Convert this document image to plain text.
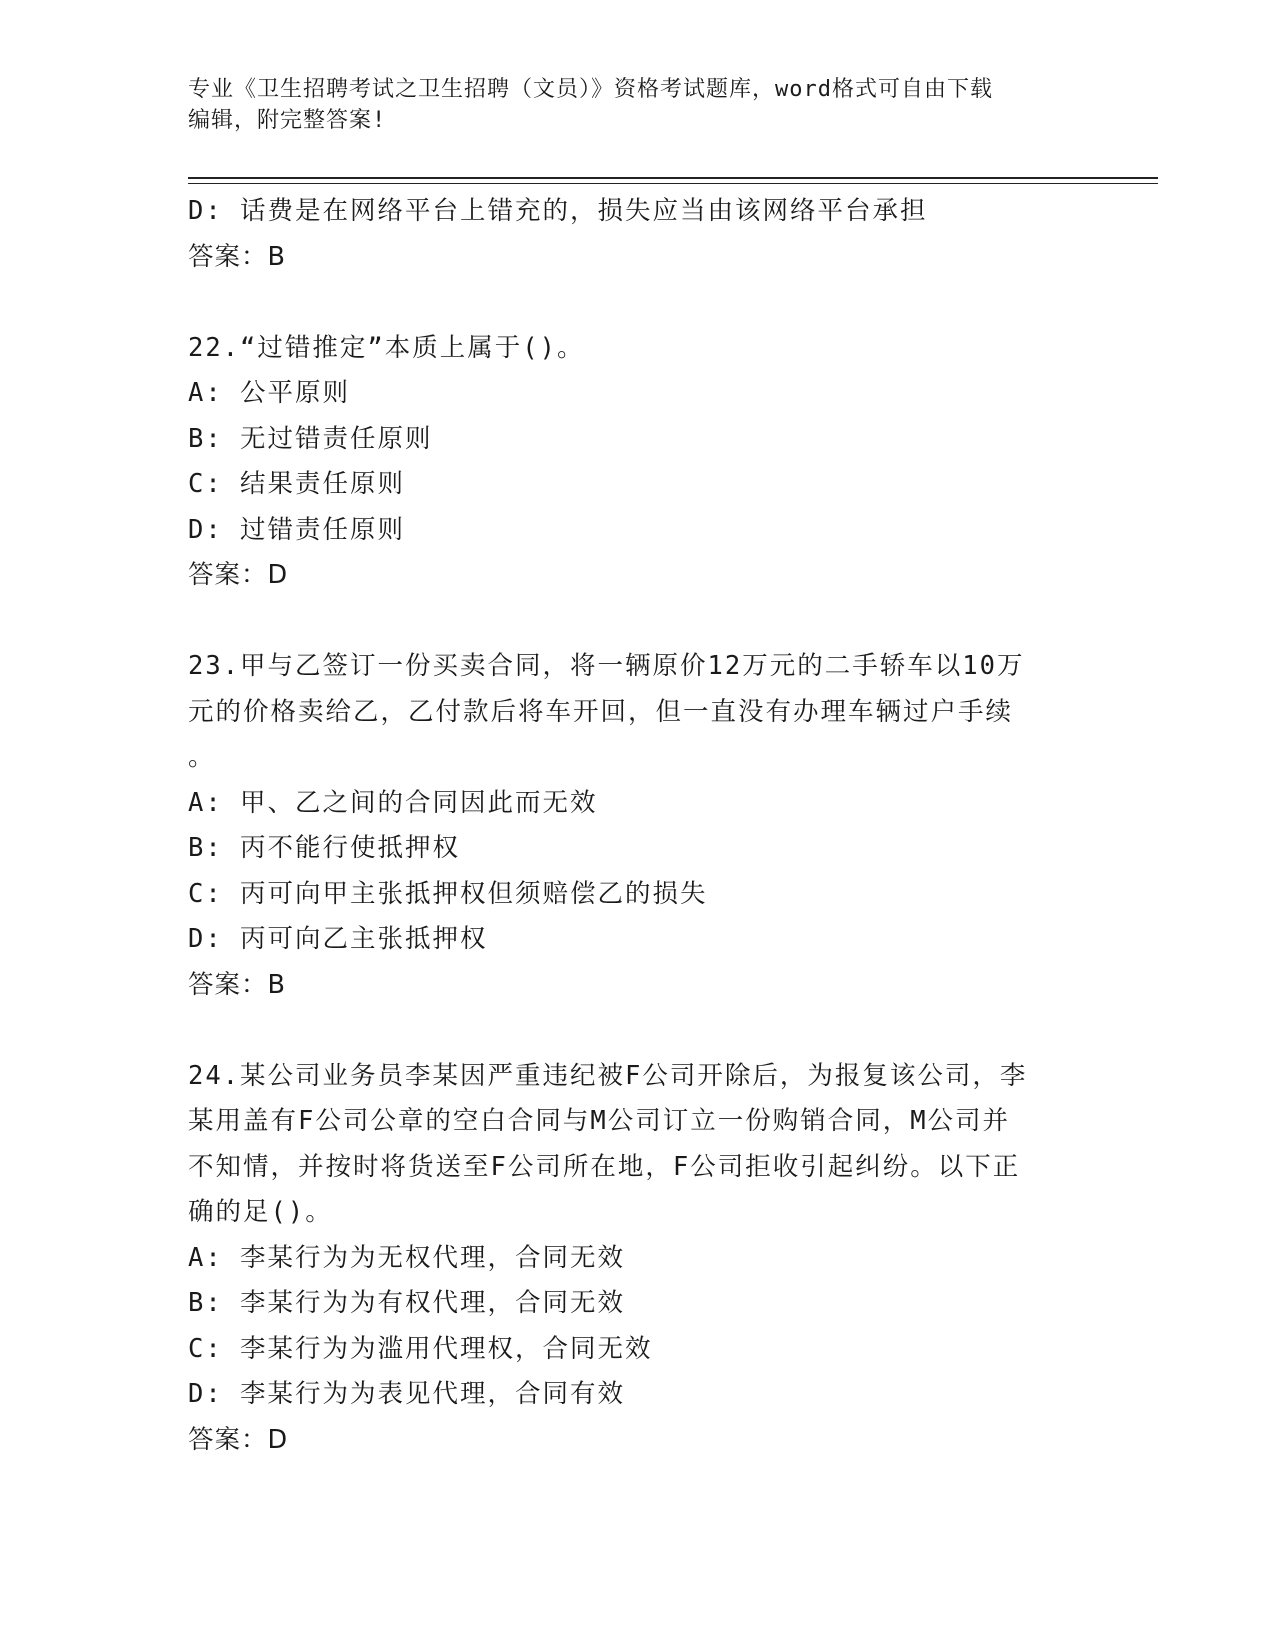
专业《卫生招聘考试之卫生招聘（文员）》资格考试题库，word格式可自由下载
编辑，附完整答案!
D: 话费是在网络平台上错充的，损失应当由该网络平台承担
答案：B
22.“过错推定”本质上属于()。
A: 公平原则
B: 无过错责任原则
C: 结果责任原则
D: 过错责任原则
答案：D
23.甲与乙签订一份买卖合同，将一辆原价12万元的二手轿车以10万
元的价格卖给乙，乙付款后将车开回，但一直没有办理车辆过户手续
。
A: 甲、乙之间的合同因此而无效
B: 丙不能行使抵押权
C: 丙可向甲主张抵押权但须赔偿乙的损失
D: 丙可向乙主张抵押权
答案：B
24.某公司业务员李某因严重违纪被F公司开除后，为报复该公司，李
某用盖有F公司公章的空白合同与M公司订立一份购销合同，M公司并
不知情，并按时将货送至F公司所在地，F公司拒收引起纠纷。以下正
确的足()。
A: 李某行为为无权代理，合同无效
B: 李某行为为有权代理，合同无效
C: 李某行为为滥用代理权，合同无效
D: 李某行为为表见代理，合同有效
答案：D
